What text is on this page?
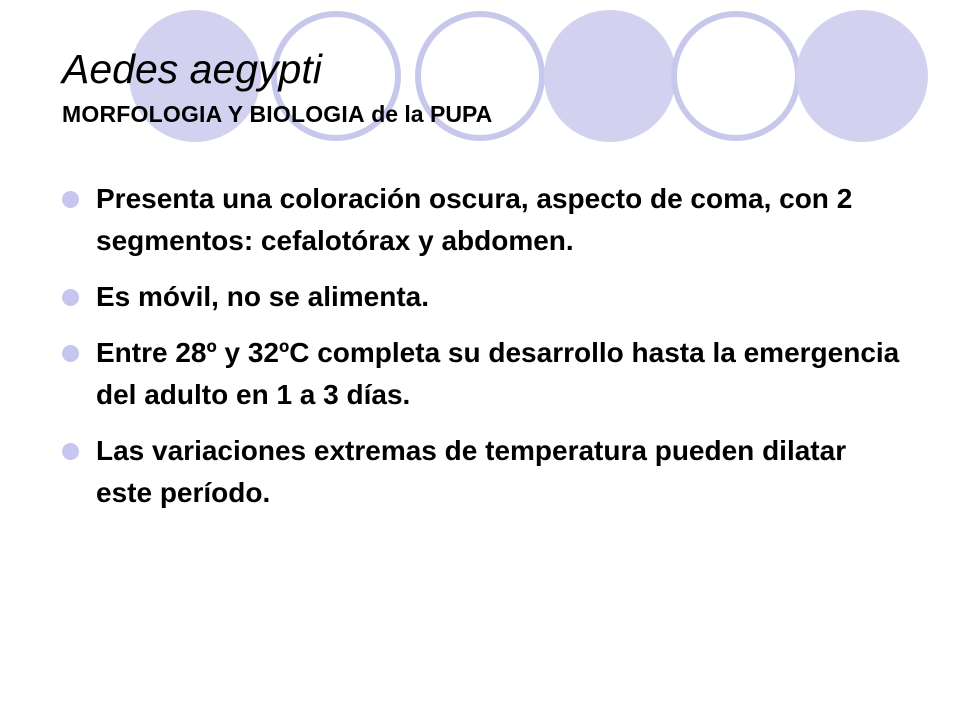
Aedes aegypti
MORFOLOGIA Y BIOLOGIA de la PUPA
Presenta una coloración oscura, aspecto de coma, con 2 segmentos: cefalotórax y abdomen.
Es móvil, no se alimenta.
Entre 28º y 32ºC completa su desarrollo hasta la emergencia del adulto en 1 a 3 días.
Las variaciones extremas de temperatura pueden dilatar este período.
